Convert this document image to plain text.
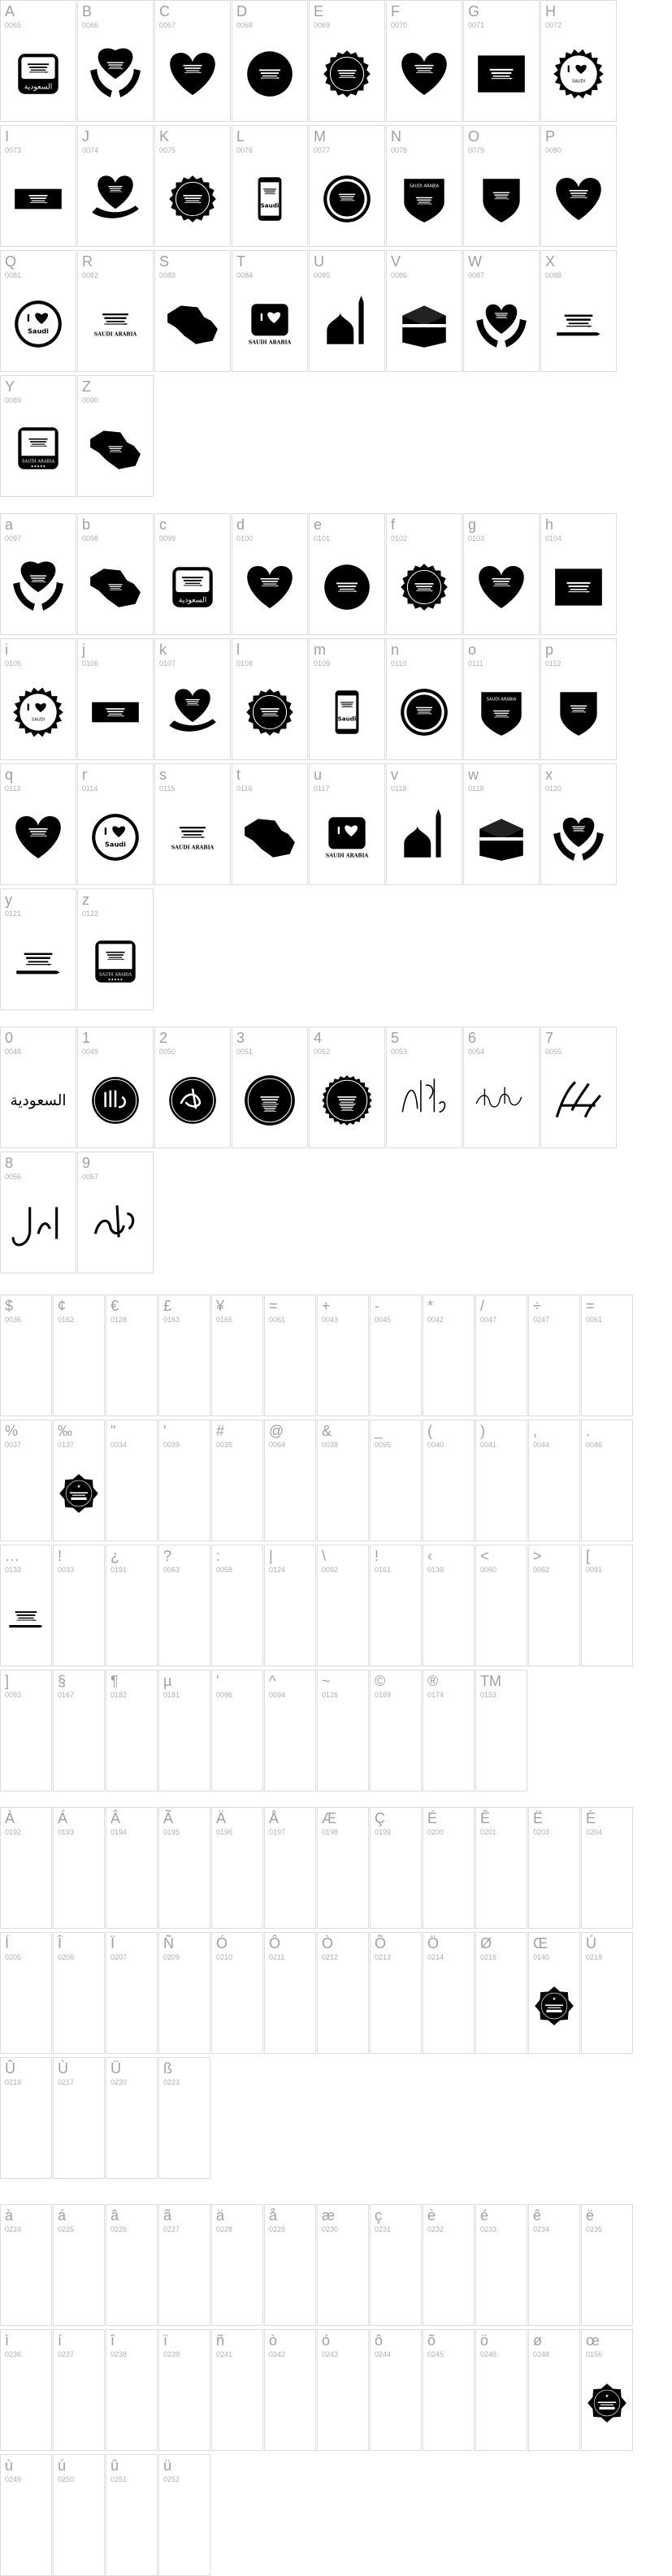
A
0065
ﺍﻟﺴﻌﻮﺩﻳﺔ
B
0066
C
0067
D
0068
E
0069
F
0070
G
0071
H
0072
I
SAUDI
I
0073
J
0074
K
0075
L
0076
Saudi
M
0077
N
0078
SAUDI ARABIA
O
0079
P
0080
Q
0081
I
Saudi
R
0082
SAUDI ARABIA
S
0083
T
0084
I
SAUDI ARABIA
U
0085
V
0086
W
0087
X
0088
Y
0089
SAUDI ARABIA
★★★★★
Z
0090
a
0097
b
0098
c
0099
ﺍﻟﺴﻌﻮﺩﻳﺔ
d
0100
e
0101
f
0102
g
0103
h
0104
i
0105
I
SAUDI
j
0106
k
0107
l
0108
m
0109
Saudi
n
0110
o
0111
SAUDI ARABIA
p
0112
q
0113
r
0114
I
Saudi
s
0115
SAUDI ARABIA
t
0116
u
0117
I
SAUDI ARABIA
v
0118
w
0119
x
0120
y
0121
z
0122
SAUDI ARABIA
★★★★★
0
0048
ﺍﻟﺴﻌﻮﺩﻳﺔ
1
0049
2
0050
3
0051
4
0052
5
0053
6
0054
7
0055
8
0056
9
0057
$
0036
¢
0162
€
0128
£
0163
¥
0165
=
0061
+
0043
-
0045
*
0042
/
0047
÷
0247
=
0061
%
0037
‰
0137
★
"
0034
'
0039
#
0035
@
0064
&
0038
_
0095
(
0040
)
0041
,
0044
.
0046
…
0133
!
0033
¿
0191
?
0063
:
0058
|
0124
\
0092
!
0161
‹
0139
<
0060
>
0062
[
0091
]
0093
§
0167
¶
0182
µ
0181
'
0096
^
0094
~
0126
©
0169
®
0174
TM
0153
À
0192
Á
0193
Â
0194
Ã
0195
Ä
0196
Å
0197
Æ
0198
Ç
0199
É
0200
Ê
0201
Ë
0203
È
0204
Í
0205
Î
0206
Ï
0207
Ñ
0209
Ó
0210
Ô
0211
Ò
0212
Õ
0213
Ö
0214
Ø
0216
Œ
0140
★
Ú
0218
Û
0219
Ù
0217
Ü
0220
ß
0223
à
0224
á
0225
â
0226
ã
0227
ä
0228
å
0229
æ
0230
ç
0231
è
0232
é
0233
ê
0234
ë
0235
ì
0236
í
0237
î
0238
ï
0239
ñ
0241
ò
0242
ó
0243
ô
0244
õ
0245
ö
0246
ø
0248
œ
0156
★
ù
0249
ú
0250
û
0251
ü
0252
